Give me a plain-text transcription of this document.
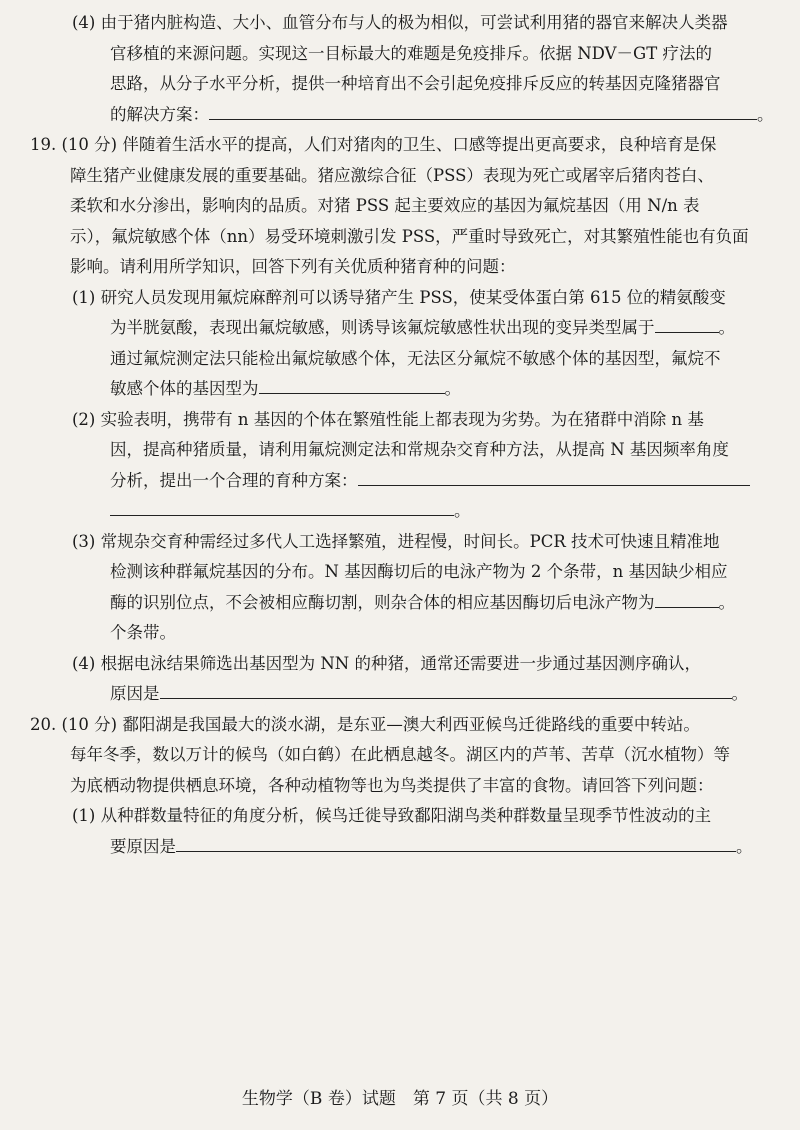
(4) 由于猪内脏构造、大小、血管分布与人的极为相似，可尝试利用猪的器官来解决人类器
官移植的来源问题。实现这一目标最大的难题是免疫排斥。依据 NDV－GT 疗法的
思路，从分子水平分析，提供一种培育出不会引起免疫排斥反应的转基因克隆猪器官
的解决方案：	。
19. (10 分) 伴随着生活水平的提高，人们对猪肉的卫生、口感等提出更高要求，良种培育是保
障生猪产业健康发展的重要基础。猪应激综合征（PSS）表现为死亡或屠宰后猪肉苍白、
柔软和水分渗出，影响肉的品质。对猪 PSS 起主要效应的基因为氟烷基因（用 N/n 表
示），氟烷敏感个体（nn）易受环境刺激引发 PSS，严重时导致死亡，对其繁殖性能也有负面
影响。请利用所学知识，回答下列有关优质种猪育种的问题：
(1) 研究人员发现用氟烷麻醉剂可以诱导猪产生 PSS，使某受体蛋白第 615 位的精氨酸变
为半胱氨酸，表现出氟烷敏感，则诱导该氟烷敏感性状出现的变异类型属于	。
通过氟烷测定法只能检出氟烷敏感个体，无法区分氟烷不敏感个体的基因型，氟烷不
敏感个体的基因型为	。
(2) 实验表明，携带有 n 基因的个体在繁殖性能上都表现为劣势。为在猪群中消除 n 基
因，提高种猪质量，请利用氟烷测定法和常规杂交育种方法，从提高 N 基因频率角度
分析，提出一个合理的育种方案：
。
(3) 常规杂交育种需经过多代人工选择繁殖，进程慢，时间长。PCR 技术可快速且精准地
检测该种群氟烷基因的分布。N 基因酶切后的电泳产物为 2 个条带，n 基因缺少相应
酶的识别位点，不会被相应酶切割，则杂合体的相应基因酶切后电泳产物为	。
个条带。
(4) 根据电泳结果筛选出基因型为 NN 的种猪，通常还需要进一步通过基因测序确认，
原因是	。
20. (10 分) 鄱阳湖是我国最大的淡水湖，是东亚—澳大利西亚候鸟迁徙路线的重要中转站。
每年冬季，数以万计的候鸟（如白鹤）在此栖息越冬。湖区内的芦苇、苦草（沉水植物）等
为底栖动物提供栖息环境，各种动植物等也为鸟类提供了丰富的食物。请回答下列问题：
(1) 从种群数量特征的角度分析，候鸟迁徙导致鄱阳湖鸟类种群数量呈现季节性波动的主
要原因是	。
生物学（B 卷）试题　第 7 页（共 8 页）
